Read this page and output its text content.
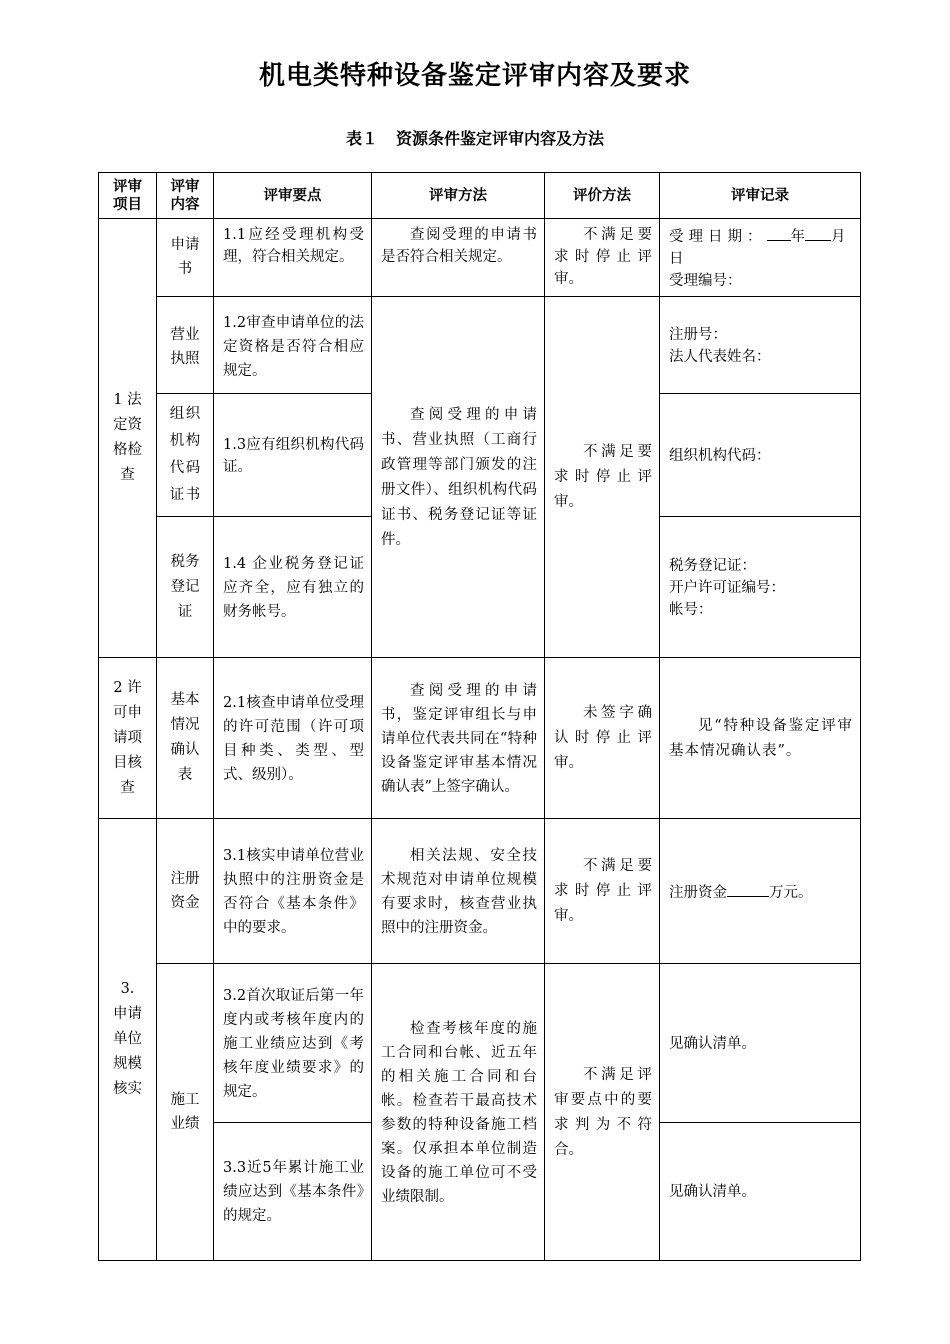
机电类特种设备鉴定评审内容及要求
表１ 资源条件鉴定评审内容及方法
评审项目	评审内容	评审要点	评审方法	评价方法	评审记录

1 法定资格检查	申请书	1.1应经受理机构受理，符合相关规定。	查阅受理的申请书是否符合相关规定。	不满足要求时停止评审。	受理日期： 年 月
日
受理编号：

	营业执照	1.2审查申请单位的法定资格是否符合相应规定。	查阅受理的申请书、营业执照（工商行政管理等部门颁发的注册文件）、组织机构代码证书、税务登记证等证件。	不满足要求时停止评审。	注册号：
法人代表姓名：

	组织机构代码证书	1.3应有组织机构代码证。			组织机构代码：

	税务登记证	1.4 企业税务登记证应齐全，应有独立的财务帐号。			税务登记证：
开户许可证编号：
帐号：

2 许可申请项目核查	基本情况确认表	2.1核查申请单位受理的许可范围（许可项目种类、类型、型式、级别）。	查阅受理的申请书，鉴定评审组长与申请单位代表共同在“特种设备鉴定评审基本情况确认表”上签字确认。	未签字确认时停止评审。	见“特种设备鉴定评审基本情况确认表”。

3. 申请单位规模核实	注册资金	3.1核实申请单位营业执照中的注册资金是否符合《基本条件》中的要求。	相关法规、安全技术规范对申请单位规模有要求时，核查营业执照中的注册资金。	不满足要求时停止评审。	注册资金 万元。

	施工业绩	3.2首次取证后第一年度内或考核年度内的施工业绩应达到《考核年度业绩要求》的规定。	检查考核年度的施工合同和台帐、近五年的相关施工合同和台帐。检查若干最高技术参数的特种设备施工档案。仅承担本单位制造设备的施工单位可不受业绩限制。	不满足评审要点中的要求判为不符合。	见确认清单。
		3.3近5年累计施工业绩应达到《基本条件》的规定。			见确认清单。
